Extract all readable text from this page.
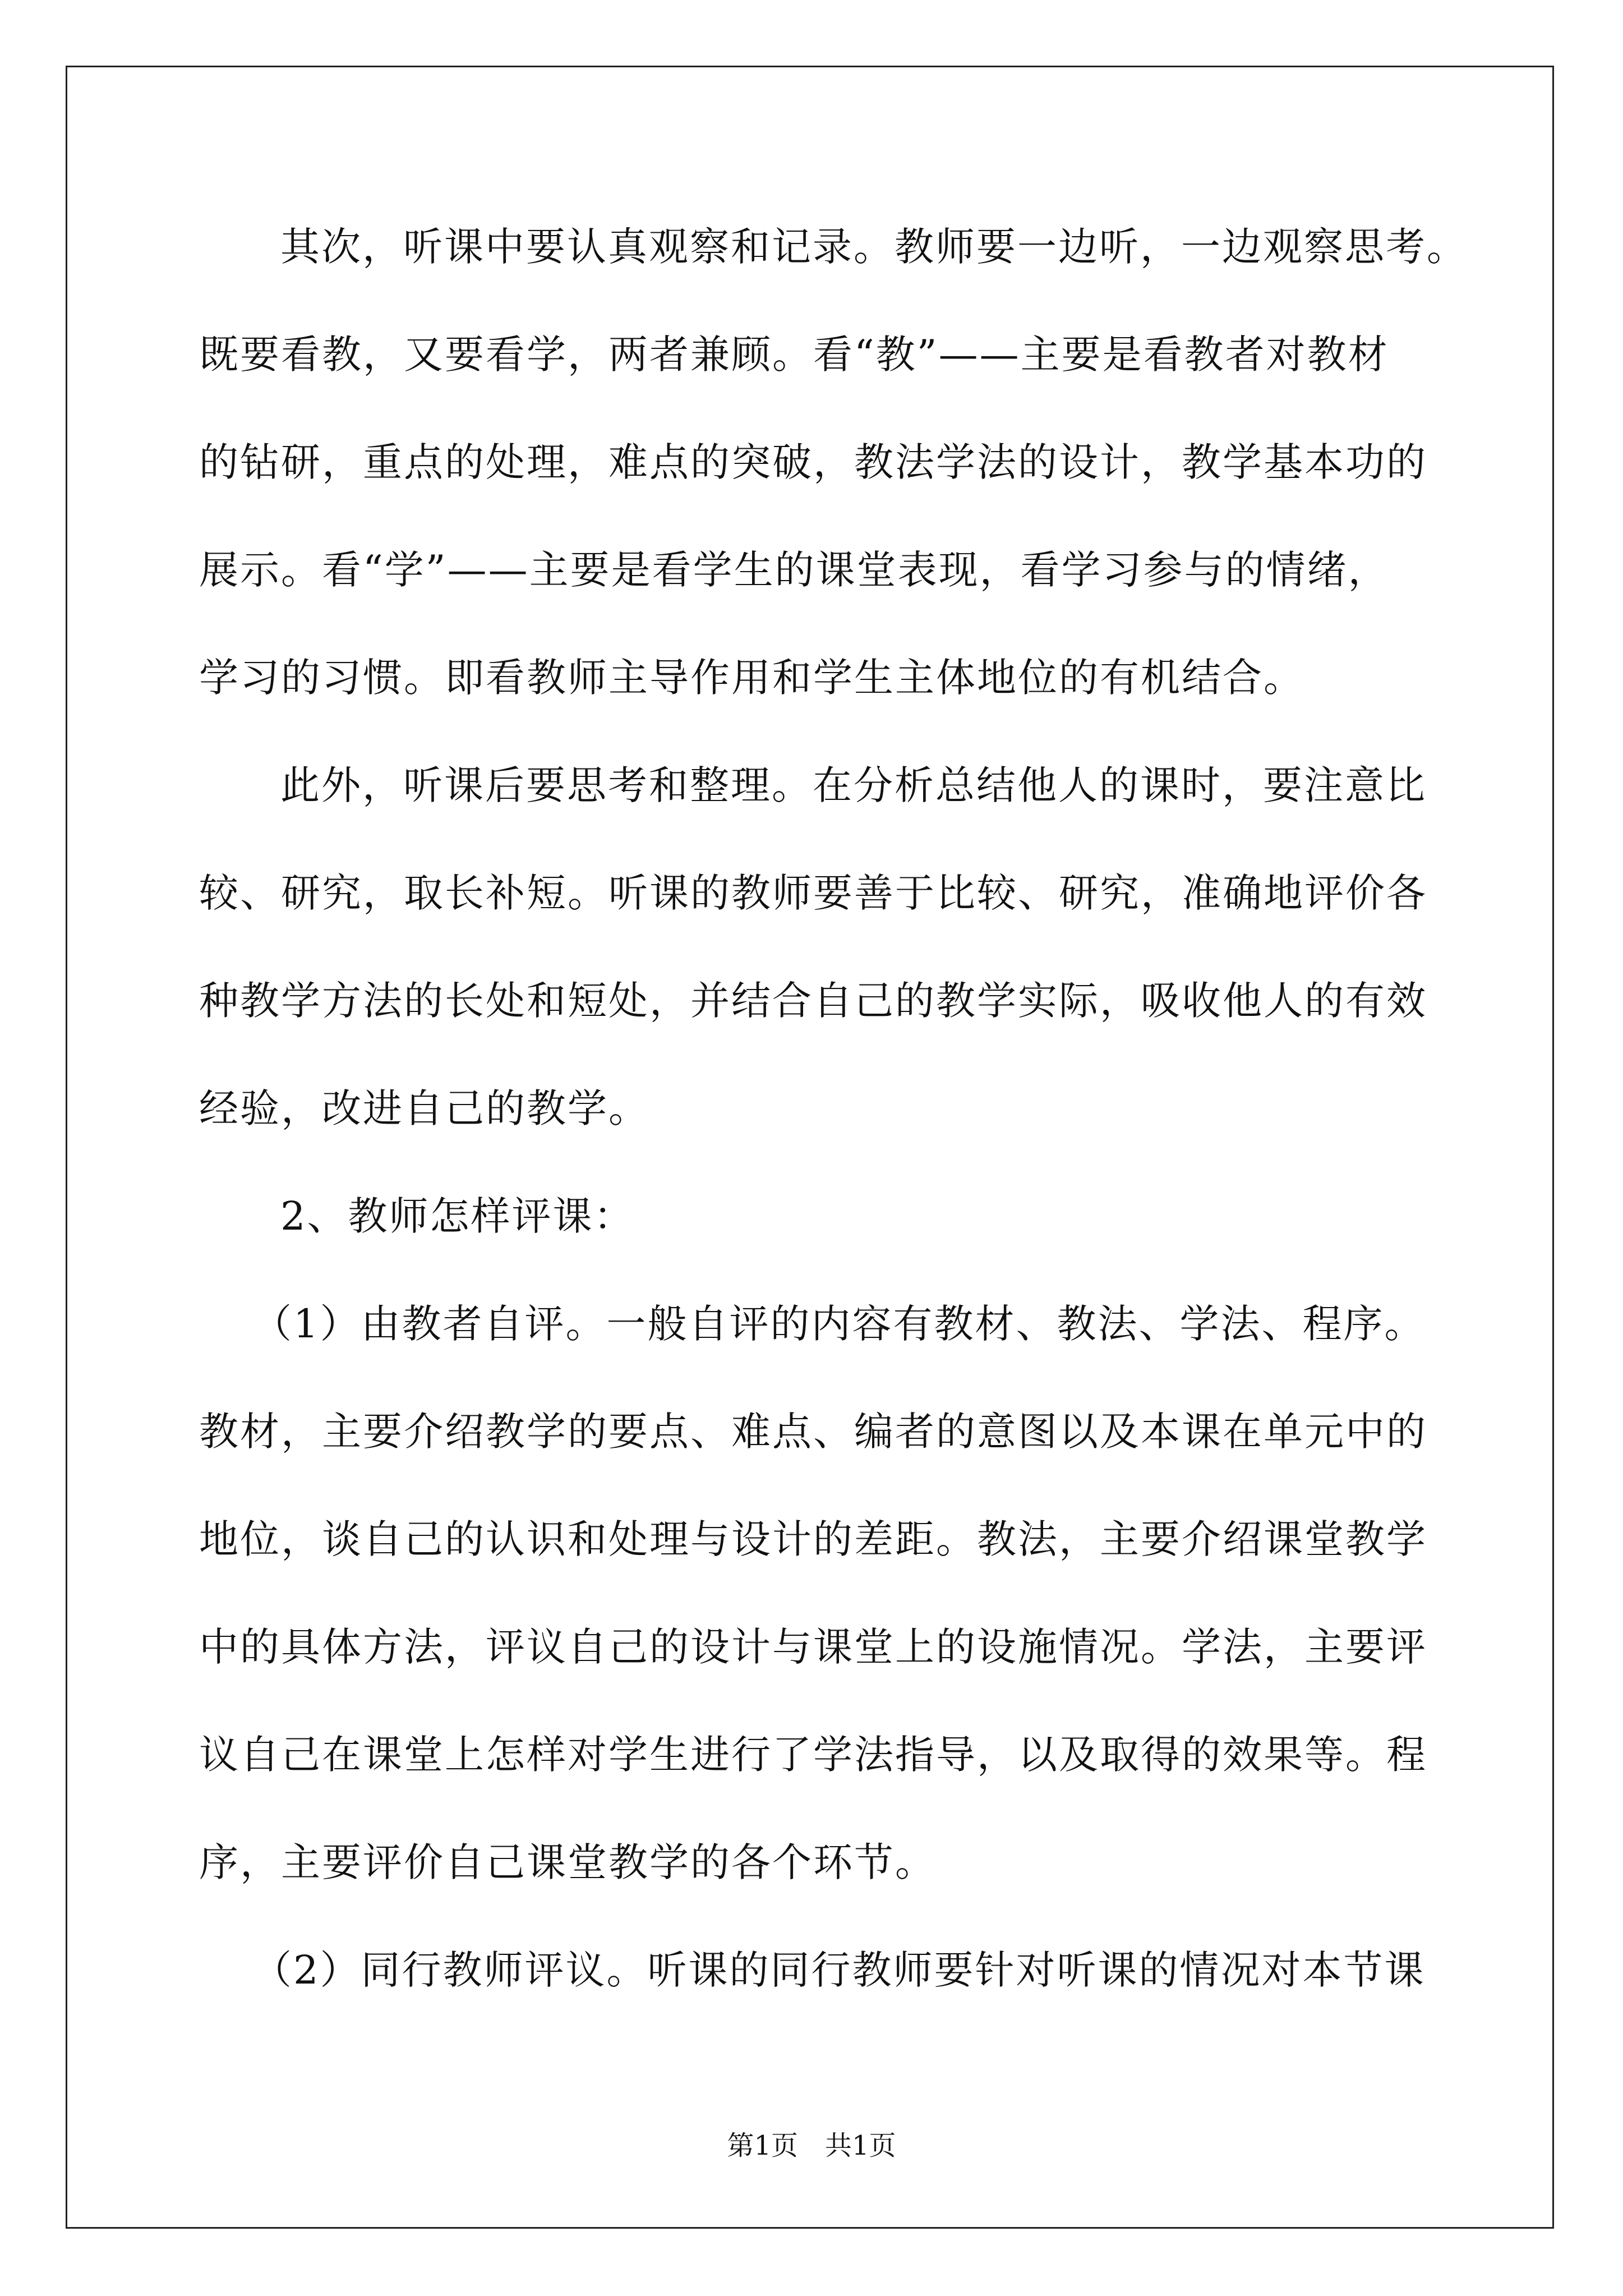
其次，听课中要认真观察和记录。教师要一边听，一边观察思考。
既要看教，又要看学，两者兼顾。看“教”——主要是看教者对教材
的钻研，重点的处理，难点的突破，教法学法的设计，教学基本功的
展示。看“学”——主要是看学生的课堂表现，看学习参与的情绪，
学习的习惯。即看教师主导作用和学生主体地位的有机结合。
此外，听课后要思考和整理。在分析总结他人的课时，要注意比
较、研究，取长补短。听课的教师要善于比较、研究，准确地评价各
种教学方法的长处和短处，并结合自己的教学实际，吸收他人的有效
经验，改进自己的教学。
2、教师怎样评课：
（1）由教者自评。一般自评的内容有教材、教法、学法、程序。
教材，主要介绍教学的要点、难点、编者的意图以及本课在单元中的
地位，谈自己的认识和处理与设计的差距。教法，主要介绍课堂教学
中的具体方法，评议自己的设计与课堂上的设施情况。学法，主要评
议自己在课堂上怎样对学生进行了学法指导，以及取得的效果等。程
序，主要评价自己课堂教学的各个环节。
（2）同行教师评议。听课的同行教师要针对听课的情况对本节课
第1页　共1页
